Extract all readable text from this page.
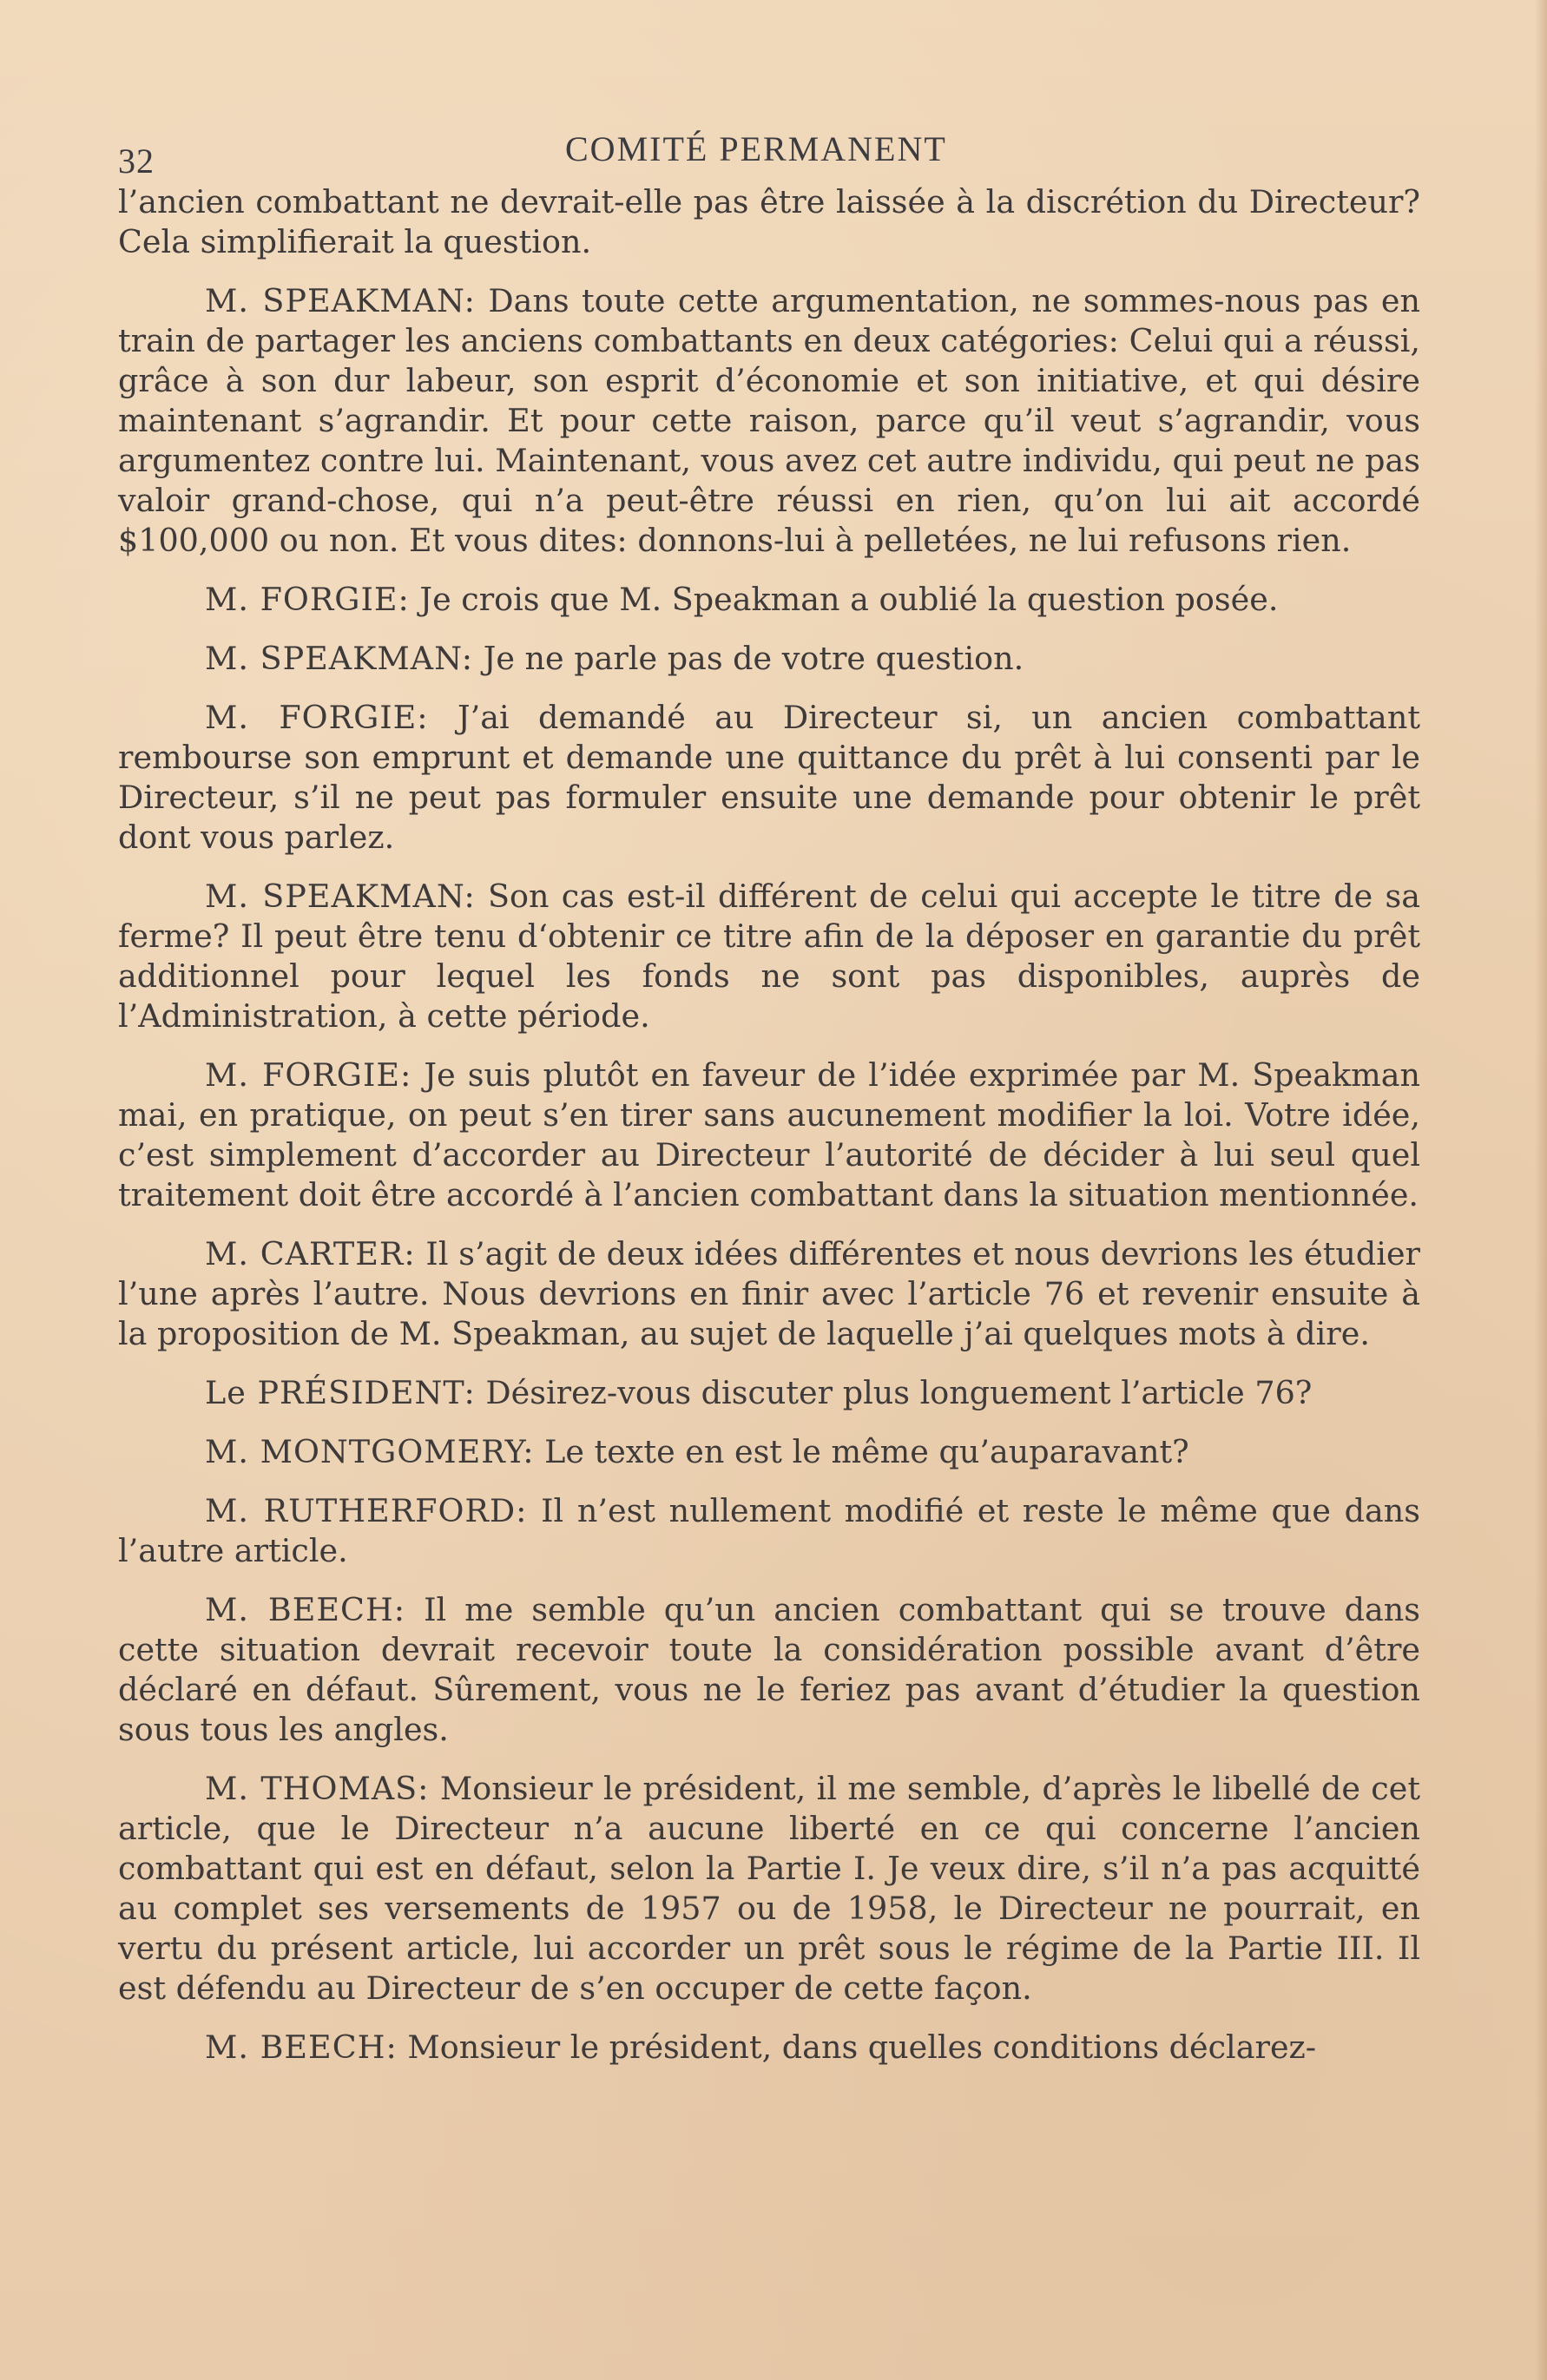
32	COMITÉ PERMANENT

l’ancien combattant ne devrait-elle pas être laissée à la discrétion du Directeur? Cela simplifierait la question.

M. SPEAKMAN: Dans toute cette argumentation, ne sommes-nous pas en train de partager les anciens combattants en deux catégories: Celui qui a réussi, grâce à son dur labeur, son esprit d’économie et son initiative, et qui désire maintenant s’agrandir. Et pour cette raison, parce qu’il veut s’agrandir, vous argumentez contre lui. Maintenant, vous avez cet autre individu, qui peut ne pas valoir grand-chose, qui n’a peut-être réussi en rien, qu’on lui ait accordé $100,000 ou non. Et vous dites: donnons-lui à pelletées, ne lui refusons rien.

M. FORGIE: Je crois que M. Speakman a oublié la question posée.

M. SPEAKMAN: Je ne parle pas de votre question.

M. FORGIE: J’ai demandé au Directeur si, un ancien combattant rembourse son emprunt et demande une quittance du prêt à lui consenti par le Directeur, s’il ne peut pas formuler ensuite une demande pour obtenir le prêt dont vous parlez.

M. SPEAKMAN: Son cas est-il différent de celui qui accepte le titre de sa ferme? Il peut être tenu d‘obtenir ce titre afin de la déposer en garantie du prêt additionnel pour lequel les fonds ne sont pas disponibles, auprès de l’Administration, à cette période.

M. FORGIE: Je suis plutôt en faveur de l’idée exprimée par M. Speakman mai, en pratique, on peut s’en tirer sans aucunement modifier la loi. Votre idée, c’est simplement d’accorder au Directeur l’autorité de décider à lui seul quel traitement doit être accordé à l’ancien combattant dans la situation mentionnée.

M. CARTER: Il s’agit de deux idées différentes et nous devrions les étudier l’une après l’autre. Nous devrions en finir avec l’article 76 et revenir ensuite à la proposition de M. Speakman, au sujet de laquelle j’ai quelques mots à dire.

Le PRÉSIDENT: Désirez-vous discuter plus longuement l’article 76?

M. MONTGOMERY: Le texte en est le même qu’auparavant?

M. RUTHERFORD: Il n’est nullement modifié et reste le même que dans l’autre article.

M. BEECH: Il me semble qu’un ancien combattant qui se trouve dans cette situation devrait recevoir toute la considération possible avant d’être déclaré en défaut. Sûrement, vous ne le feriez pas avant d’étudier la question sous tous les angles.

M. THOMAS: Monsieur le président, il me semble, d’après le libellé de cet article, que le Directeur n’a aucune liberté en ce qui concerne l’ancien combattant qui est en défaut, selon la Partie I. Je veux dire, s’il n’a pas acquitté au complet ses versements de 1957 ou de 1958, le Directeur ne pourrait, en vertu du présent article, lui accorder un prêt sous le régime de la Partie III. Il est défendu au Directeur de s’en occuper de cette façon.

M. BEECH: Monsieur le président, dans quelles conditions déclarez-
